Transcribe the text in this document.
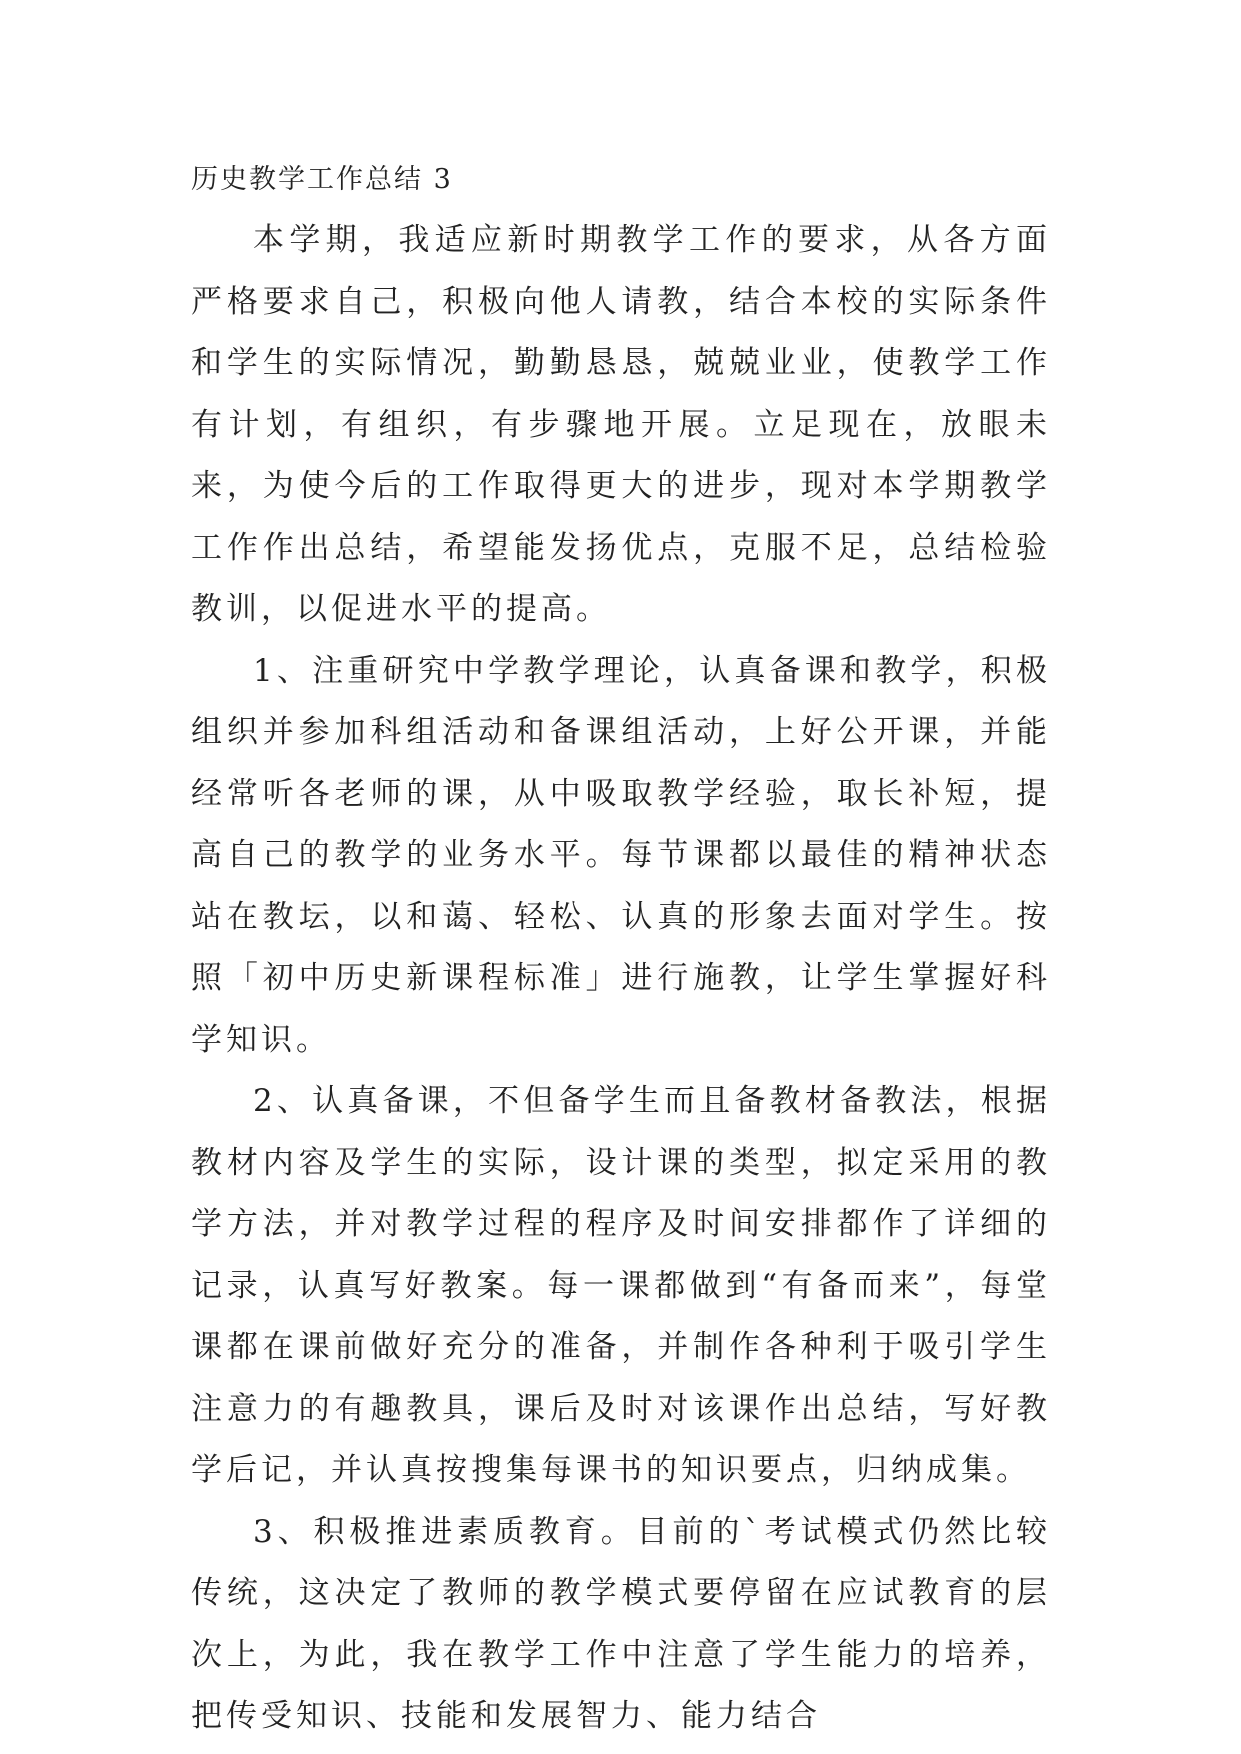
历史教学工作总结 3

本学期，我适应新时期教学工作的要求，从各方面严格要求自己，积极向他人请教，结合本校的实际条件和学生的实际情况，勤勤恳恳，兢兢业业，使教学工作有计划，有组织，有步骤地开展。立足现在，放眼未来，为使今后的工作取得更大的进步，现对本学期教学工作作出总结，希望能发扬优点，克服不足，总结检验教训，以促进水平的提高。

1、注重研究中学教学理论，认真备课和教学，积极组织并参加科组活动和备课组活动，上好公开课，并能经常听各老师的课，从中吸取教学经验，取长补短，提高自己的教学的业务水平。每节课都以最佳的精神状态站在教坛，以和蔼、轻松、认真的形象去面对学生。按照「初中历史新课程标准」进行施教，让学生掌握好科学知识。

2、认真备课，不但备学生而且备教材备教法，根据教材内容及学生的实际，设计课的类型，拟定采用的教学方法，并对教学过程的程序及时间安排都作了详细的记录，认真写好教案。每一课都做到“有备而来”，每堂课都在课前做好充分的准备，并制作各种利于吸引学生注意力的有趣教具，课后及时对该课作出总结，写好教学后记，并认真按搜集每课书的知识要点，归纳成集。

3、积极推进素质教育。目前的`考试模式仍然比较传统，这决定了教师的教学模式要停留在应试教育的层次上，为此，我在教学工作中注意了学生能力的培养，把传受知识、技能和发展智力、能力结合
